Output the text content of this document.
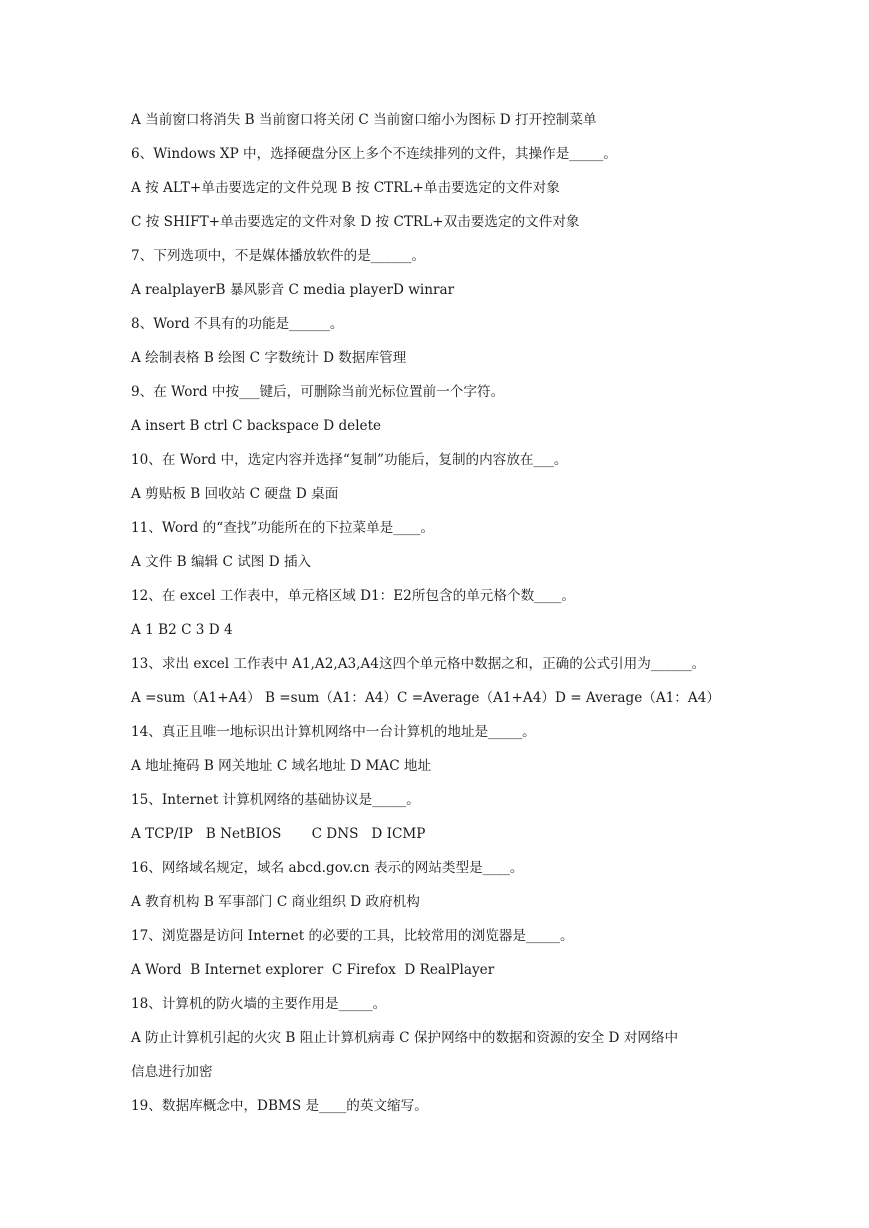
A 当前窗口将消失 B 当前窗口将关闭 C 当前窗口缩小为图标 D 打开控制菜单
6、Windows XP 中，选择硬盘分区上多个不连续排列的文件，其操作是_____。
A 按 ALT+单击要选定的文件兑现 B 按 CTRL+单击要选定的文件对象
C 按 SHIFT+单击要选定的文件对象 D 按 CTRL+双击要选定的文件对象
7、下列选项中，不是媒体播放软件的是______。
A realplayerB 暴风影音 C media playerD winrar
8、Word 不具有的功能是______。
A 绘制表格 B 绘图 C 字数统计 D 数据库管理
9、在 Word 中按___键后，可删除当前光标位置前一个字符。
A insert B ctrl C backspace D delete
10、在 Word 中，选定内容并选择“复制”功能后，复制的内容放在___。
A 剪贴板 B 回收站 C 硬盘 D 桌面
11、Word 的“查找”功能所在的下拉菜单是____。
A 文件 B 编辑 C 试图 D 插入
12、在 excel 工作表中，单元格区域 D1：E2所包含的单元格个数____。
A 1 B2 C 3 D 4
13、求出 excel 工作表中 A1,A2,A3,A4这四个单元格中数据之和，正确的公式引用为______。
A =sum（A1+A4） B =sum（A1：A4）C =Average（A1+A4）D = Average（A1：A4）
14、真正且唯一地标识出计算机网络中一台计算机的地址是_____。
A 地址掩码 B 网关地址 C 域名地址 D MAC 地址
15、Internet 计算机网络的基础协议是_____。
A TCP/IP   B NetBIOS       C DNS   D ICMP
16、网络域名规定，域名 abcd.gov.cn 表示的网站类型是____。
A 教育机构 B 军事部门 C 商业组织 D 政府机构
17、浏览器是访问 Internet 的必要的工具，比较常用的浏览器是_____。
A Word  B Internet explorer  C Firefox  D RealPlayer
18、计算机的防火墙的主要作用是_____。
A 防止计算机引起的火灾 B 阻止计算机病毒 C 保护网络中的数据和资源的安全 D 对网络中
信息进行加密
19、数据库概念中，DBMS 是____的英文缩写。
